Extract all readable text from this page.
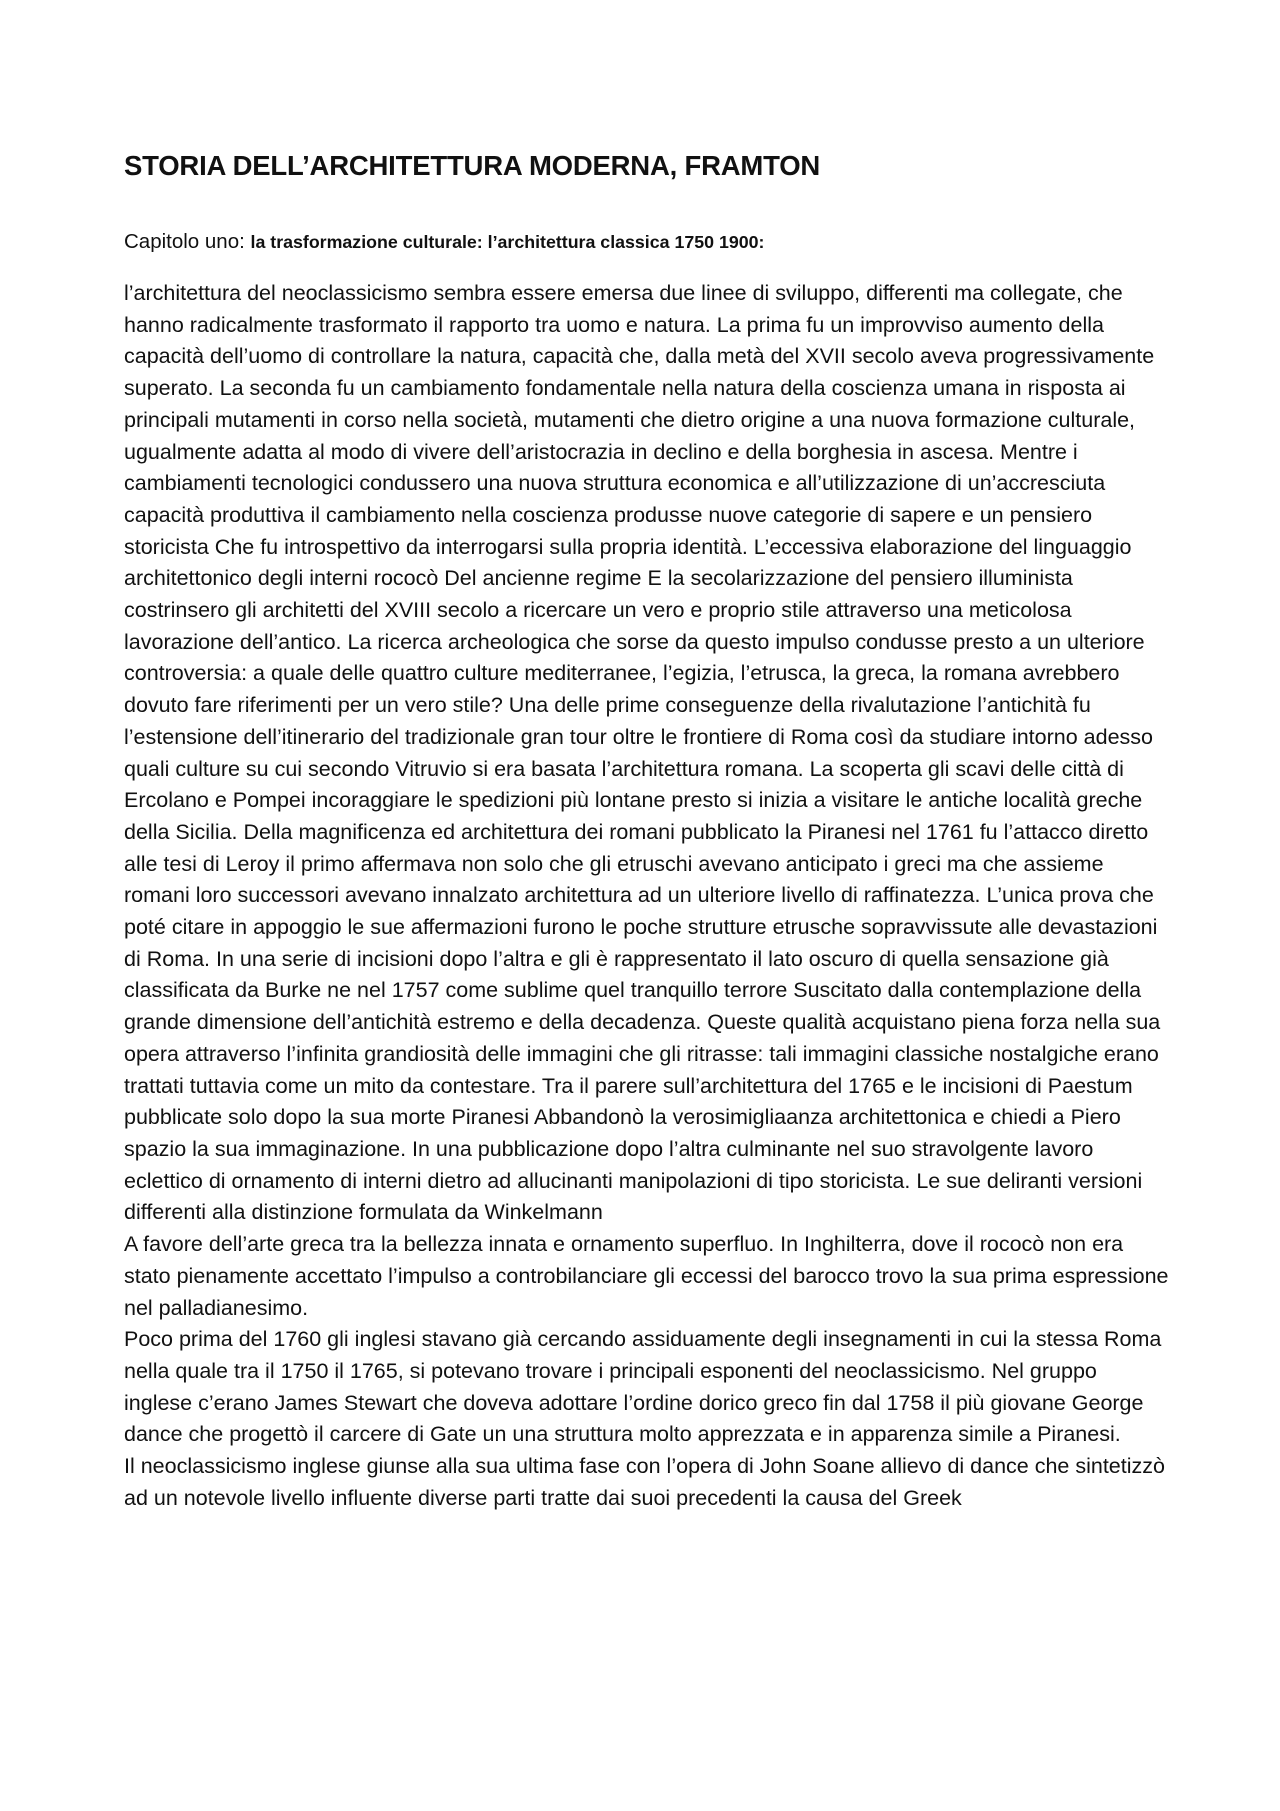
STORIA DELL’ARCHITETTURA MODERNA, FRAMTON
Capitolo uno: la trasformazione culturale: l’architettura classica 1750 1900:

l’architettura del neoclassicismo sembra essere emersa due linee di sviluppo, differenti ma collegate, che hanno radicalmente trasformato il rapporto tra uomo e natura. La prima fu un improvviso aumento della capacità dell’uomo di controllare la natura, capacità che, dalla metà del XVII secolo aveva progressivamente superato. La seconda fu un cambiamento fondamentale nella natura della coscienza umana in risposta ai principali mutamenti in corso nella società, mutamenti che dietro origine a una nuova formazione culturale, ugualmente adatta al modo di vivere dell’aristocrazia in declino e della borghesia in ascesa. Mentre i cambiamenti tecnologici condussero una nuova struttura economica e all’utilizzazione di un’accresciuta capacità produttiva il cambiamento nella coscienza produsse nuove categorie di sapere e un pensiero storicista Che fu introspettivo da interrogarsi sulla propria identità. L’eccessiva elaborazione del linguaggio architettonico degli interni rococò Del ancienne regime E la secolarizzazione del pensiero illuminista costrinsero gli architetti del XVIII secolo a ricercare un vero e proprio stile attraverso una meticolosa lavorazione dell’antico. La ricerca archeologica che sorse da questo impulso condusse presto a un ulteriore controversia: a quale delle quattro culture mediterranee, l’egizia, l’etrusca, la greca, la romana avrebbero dovuto fare riferimenti per un vero stile? Una delle prime conseguenze della rivalutazione l’antichità fu l’estensione dell’itinerario del tradizionale gran tour oltre le frontiere di Roma così da studiare intorno adesso quali culture su cui secondo Vitruvio si era basata l’architettura romana. La scoperta gli scavi delle città di Ercolano e Pompei incoraggiare le spedizioni più lontane presto si inizia a visitare le antiche località greche della Sicilia. Della magnificenza ed architettura dei romani pubblicato la Piranesi nel 1761 fu l’attacco diretto alle tesi di Leroy il primo affermava non solo che gli etruschi avevano anticipato i greci ma che assieme romani loro successori avevano innalzato architettura ad un ulteriore livello di raffinatezza. L’unica prova che poté citare in appoggio le sue affermazioni furono le poche strutture etrusche sopravvissute alle devastazioni di Roma. In una serie di incisioni dopo l’altra e gli è rappresentato il lato oscuro di quella sensazione già classificata da Burke ne nel 1757 come sublime quel tranquillo terrore Suscitato dalla contemplazione della grande dimensione dell’antichità estremo e della decadenza. Queste qualità acquistano piena forza nella sua opera attraverso l’infinita grandiosità delle immagini che gli ritrasse: tali immagini classiche nostalgiche erano trattati tuttavia come un mito da contestare. Tra il parere sull’architettura del 1765 e le incisioni di Paestum pubblicate solo dopo la sua morte Piranesi Abbandonò la verosimigliaanza architettonica e chiedi a Piero spazio la sua immaginazione. In una pubblicazione dopo l’altra culminante nel suo stravolgente lavoro eclettico di ornamento di interni dietro ad allucinanti manipolazioni di tipo storicista. Le sue deliranti versioni differenti alla distinzione formulata da Winkelmann

A favore dell’arte greca tra la bellezza innata e ornamento superfluo. In Inghilterra, dove il rococò non era stato pienamente accettato l’impulso a controbilanciare gli eccessi del barocco trovo la sua prima espressione nel palladianesimo.

Poco prima del 1760 gli inglesi stavano già cercando assiduamente degli insegnamenti in cui la stessa Roma nella quale tra il 1750 il 1765, si potevano trovare i principali esponenti del neoclassicismo. Nel gruppo inglese c’erano James Stewart che doveva adottare l’ordine dorico greco fin dal 1758 il più giovane George dance che progettò il carcere di Gate un una struttura molto apprezzata e in apparenza simile a Piranesi.

Il neoclassicismo inglese giunse alla sua ultima fase con l’opera di John Soane allievo di dance che sintetizzò ad un notevole livello influente diverse parti tratte dai suoi precedenti la causa del Greek
